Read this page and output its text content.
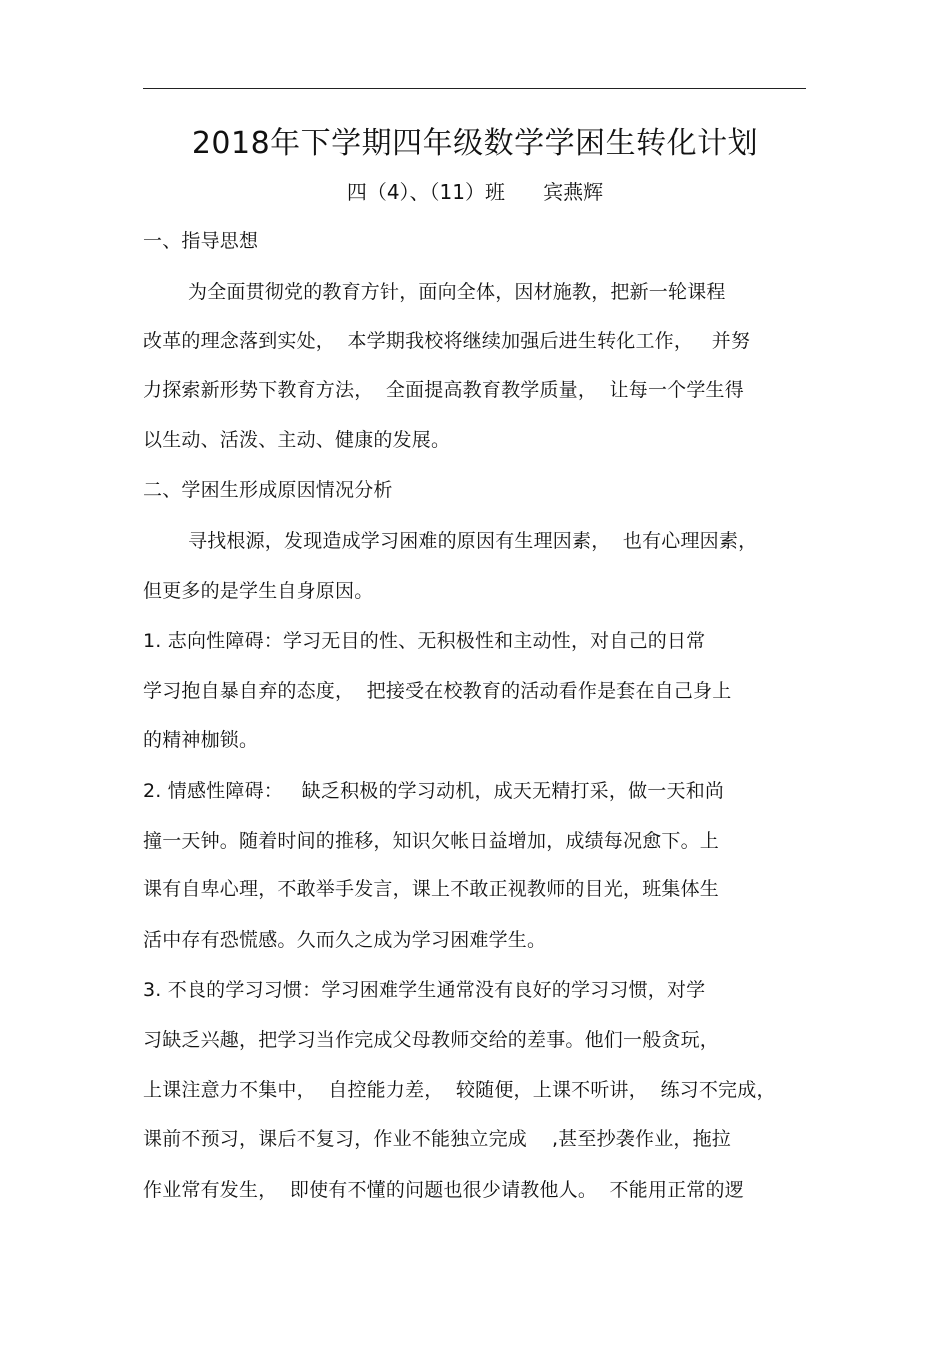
2018年下学期四年级数学学困生转化计划
四（4）、（11）班      宾燕辉
一、指导思想
为全面贯彻党的教育方针，面向全体，因材施教，把新一轮课程
改革的理念落到实处，  本学期我校将继续加强后进生转化工作，   并努
力探索新形势下教育方法，  全面提高教育教学质量，  让每一个学生得
以生动、活泼、主动、健康的发展。
二、学困生形成原因情况分析
寻找根源，发现造成学习困难的原因有生理因素，  也有心理因素，
但更多的是学生自身原因。
1. 志向性障碍：学习无目的性、无积极性和主动性，对自己的日常
学习抱自暴自弃的态度，  把接受在校教育的活动看作是套在自己身上
的精神枷锁。
2. 情感性障碍：   缺乏积极的学习动机，成天无精打采，做一天和尚
撞一天钟。随着时间的推移，知识欠帐日益增加，成绩每况愈下。上
课有自卑心理，不敢举手发言，课上不敢正视教师的目光，班集体生
活中存有恐慌感。久而久之成为学习困难学生。
3. 不良的学习习惯：学习困难学生通常没有良好的学习习惯，对学
习缺乏兴趣，把学习当作完成父母教师交给的差事。他们一般贪玩，
上课注意力不集中，  自控能力差，  较随便，上课不听讲，  练习不完成，
课前不预习，课后不复习，作业不能独立完成    ,甚至抄袭作业，拖拉
作业常有发生，  即使有不懂的问题也很少请教他人。  不能用正常的逻
